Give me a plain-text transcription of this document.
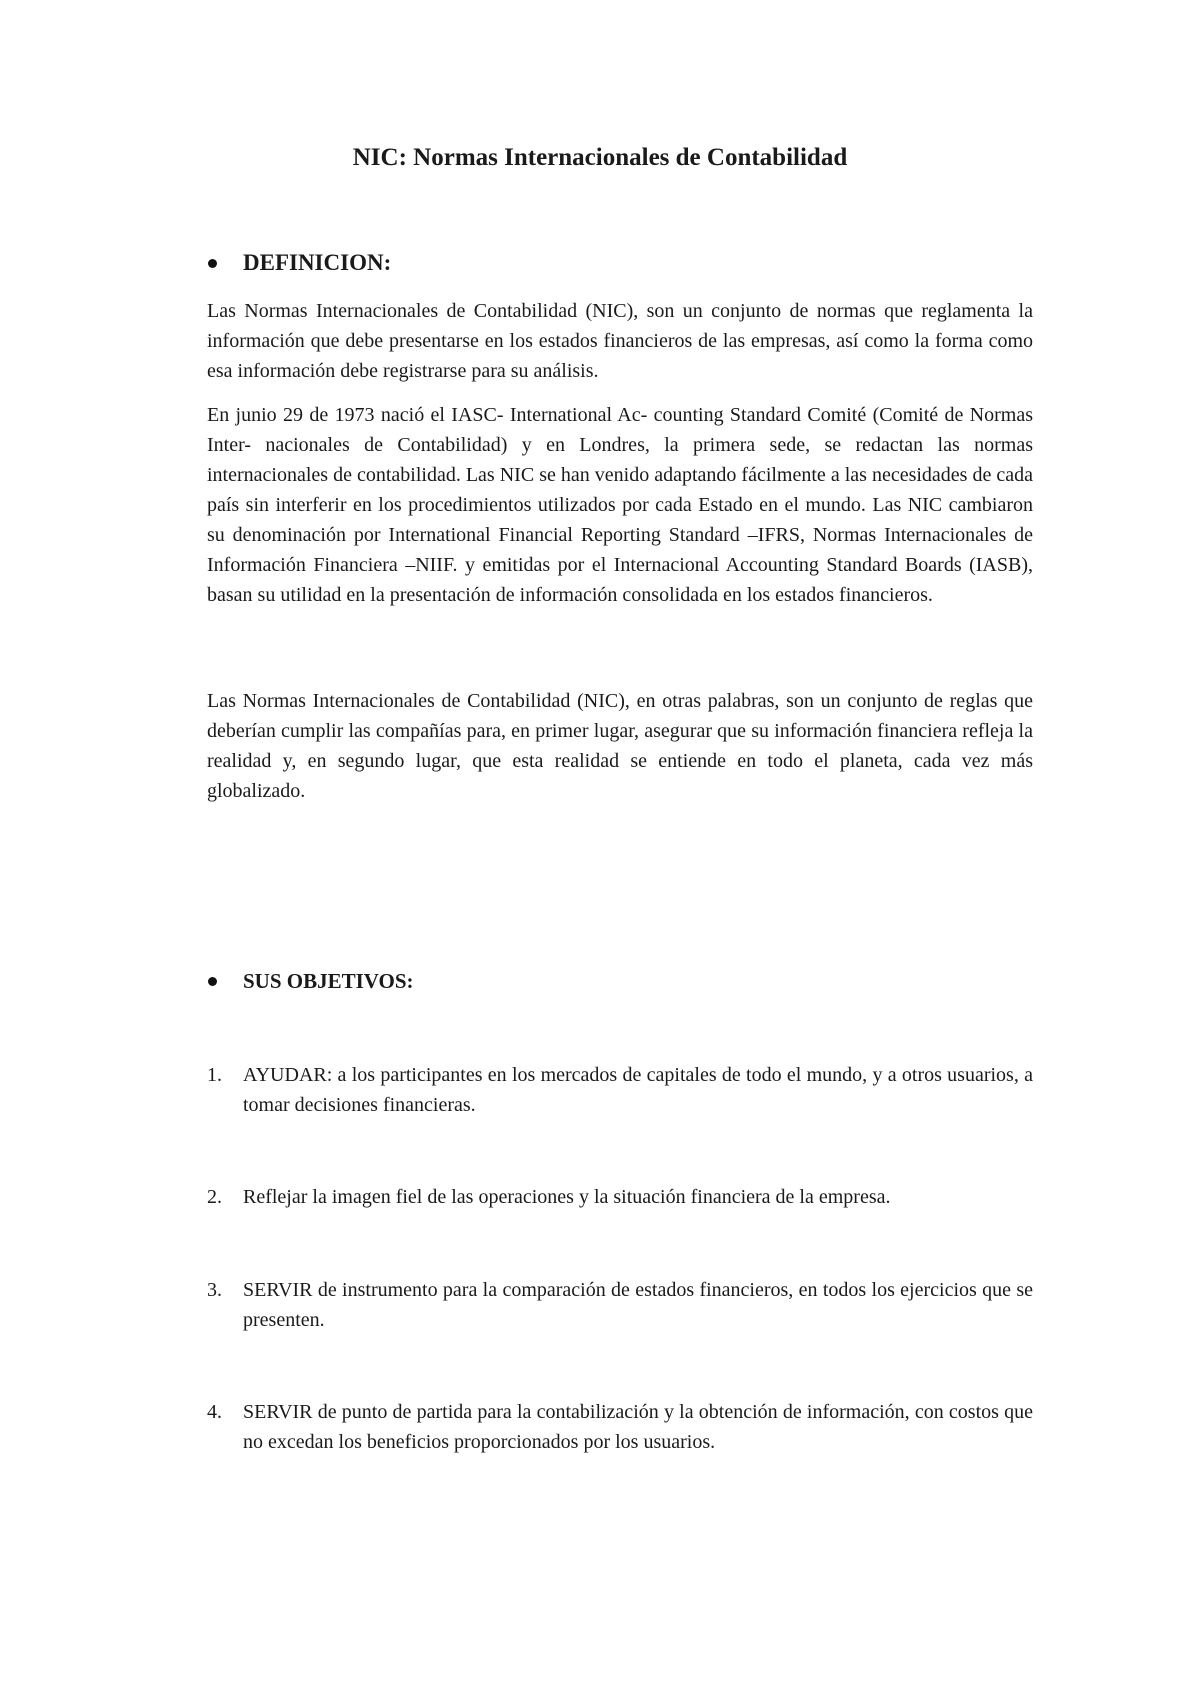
NIC: Normas Internacionales de Contabilidad
DEFINICION:

Las Normas Internacionales de Contabilidad (NIC), son un conjunto de normas que reglamenta la información que debe presentarse en los estados financieros de las empresas, así como la forma como esa información debe registrarse para su análisis.

En junio 29 de 1973 nació el IASC- International Ac- counting Standard Comité (Comité de Normas Inter- nacionales de Contabilidad) y en Londres, la primera sede, se redactan las normas internacionales de contabilidad. Las NIC se han venido adaptando fácilmente a las necesidades de cada país sin interferir en los procedimientos utilizados por cada Estado en el mundo. Las NIC cambiaron su denominación por International Financial Reporting Standard –IFRS, Normas Internacionales de Información Financiera –NIIF. y emitidas por el Internacional Accounting Standard Boards (IASB), basan su utilidad en la presentación de información consolidada en los estados financieros.

Las Normas Internacionales de Contabilidad (NIC), en otras palabras, son un conjunto de reglas que deberían cumplir las compañías para, en primer lugar, asegurar que su información financiera refleja la realidad y, en segundo lugar, que esta realidad se entiende en todo el planeta, cada vez más globalizado.

SUS OBJETIVOS:
1.	AYUDAR: a los participantes en los mercados de capitales de todo el mundo, y a otros usuarios, a tomar decisiones financieras.
2.	Reflejar la imagen fiel de las operaciones y la situación financiera de la empresa.
3.	SERVIR de instrumento para la comparación de estados financieros, en todos los ejercicios que se presenten.
4.	SERVIR de punto de partida para la contabilización y la obtención de información, con costos que no excedan los beneficios proporcionados por los usuarios.
